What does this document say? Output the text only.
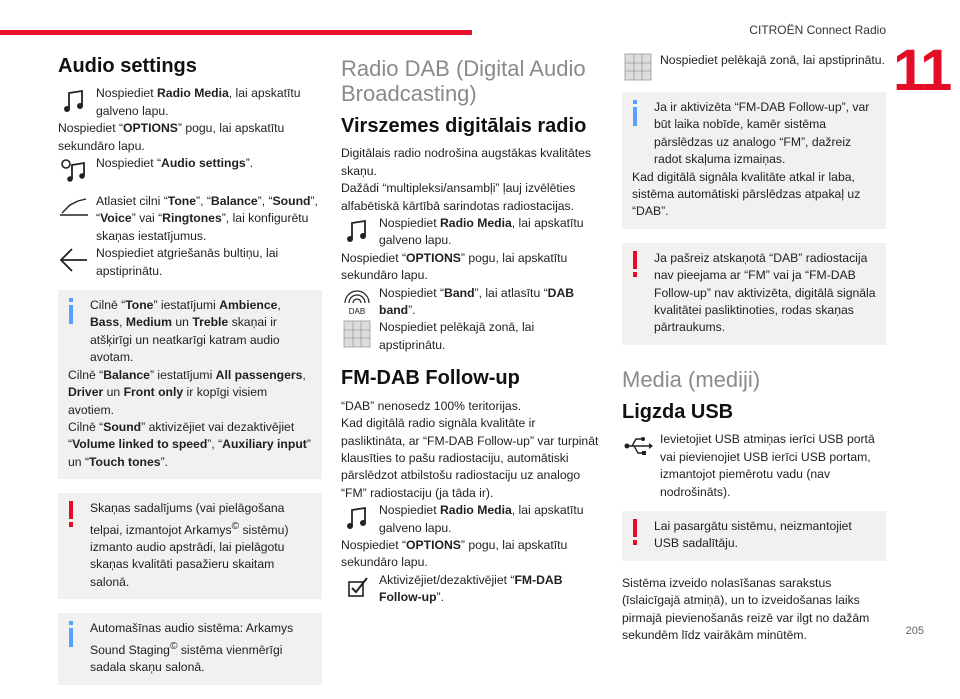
CITROËN Connect Radio
11
205
Audio settings

Nospiediet Radio Media, lai apskatītu galveno lapu.

Nospiediet “OPTIONS” pogu, lai apskatītu sekundāro lapu.

Nospiediet “Audio settings”.

Atlasiet cilni “Tone”, “Balance”, “Sound”, “Voice” vai “Ringtones”, lai konfigurētu skaņas iestatījumus.

Nospiediet atgriešanās bultiņu, lai apstiprinātu.

Cilnē “Tone” iestatījumi Ambience, Bass, Medium un Treble skaņai ir atšķirīgi un neatkarīgi katram audio avotam.

Cilnē “Balance” iestatījumi All passengers, Driver un Front only ir kopīgi visiem avotiem.

Cilnē “Sound” aktivizējiet vai dezaktivējiet “Volume linked to speed”, “Auxiliary input” un “Touch tones”.

Skaņas sadalījums (vai pielāgošana telpai, izmantojot Arkamys© sistēmu) izmanto audio apstrādi, lai pielāgotu skaņas kvalitāti pasažieru skaitam salonā.

Automašīnas audio sistēma: Arkamys Sound Staging© sistēma vienmērīgi sadala skaņu salonā.

Radio DAB (Digital Audio Broadcasting)
Virszemes digitālais radio

Digitālais radio nodrošina augstākas kvalitātes skaņu.

Dažādi “multipleksi/ansambļi” ļauj izvēlēties alfabētiskā kārtībā sarindotas radiostacijas.

Nospiediet Radio Media, lai apskatītu galveno lapu.

Nospiediet “OPTIONS” pogu, lai apskatītu sekundāro lapu.

DAB

Nospiediet “Band”, lai atlasītu “DAB band”.

Nospiediet pelēkajā zonā, lai apstiprinātu.

FM-DAB Follow-up

“DAB” nenosedz 100% teritorijas.

Kad digitālā radio signāla kvalitāte ir pasliktināta, ar “FM-DAB Follow-up” var turpināt klausīties to pašu radiostaciju, automātiski pārslēdzot atbilstošu radiostaciju uz analogo “FM” radiostaciju (ja tāda ir).

Nospiediet Radio Media, lai apskatītu galveno lapu.

Nospiediet “OPTIONS” pogu, lai apskatītu sekundāro lapu.

Aktivizējiet/dezaktivējiet “FM-DAB Follow-up”.

Nospiediet pelēkajā zonā, lai apstiprinātu.

Ja ir aktivizēta “FM-DAB Follow-up”, var būt laika nobīde, kamēr sistēma pārslēdzas uz analogo “FM”, dažreiz radot skaļuma izmaiņas.

Kad digitālā signāla kvalitāte atkal ir laba, sistēma automātiski pārslēdzas atpakaļ uz “DAB”.

Ja pašreiz atskaņotā “DAB” radiostacija nav pieejama ar “FM” vai ja “FM-DAB Follow-up” nav aktivizēta, digitālā signāla kvalitātei pasliktinoties, rodas skaņas pārtraukums.

Media (mediji)
Ligzda USB

Ievietojiet USB atmiņas ierīci USB portā vai pievienojiet USB ierīci USB portam, izmantojot piemērotu vadu (nav nodrošināts).

Lai pasargātu sistēmu, neizmantojiet USB sadalītāju.

Sistēma izveido nolasīšanas sarakstus (īslaicīgajā atmiņā), un to izveidošanas laiks pirmajā pievienošanās reizē var ilgt no dažām sekundēm līdz vairākām minūtēm.
